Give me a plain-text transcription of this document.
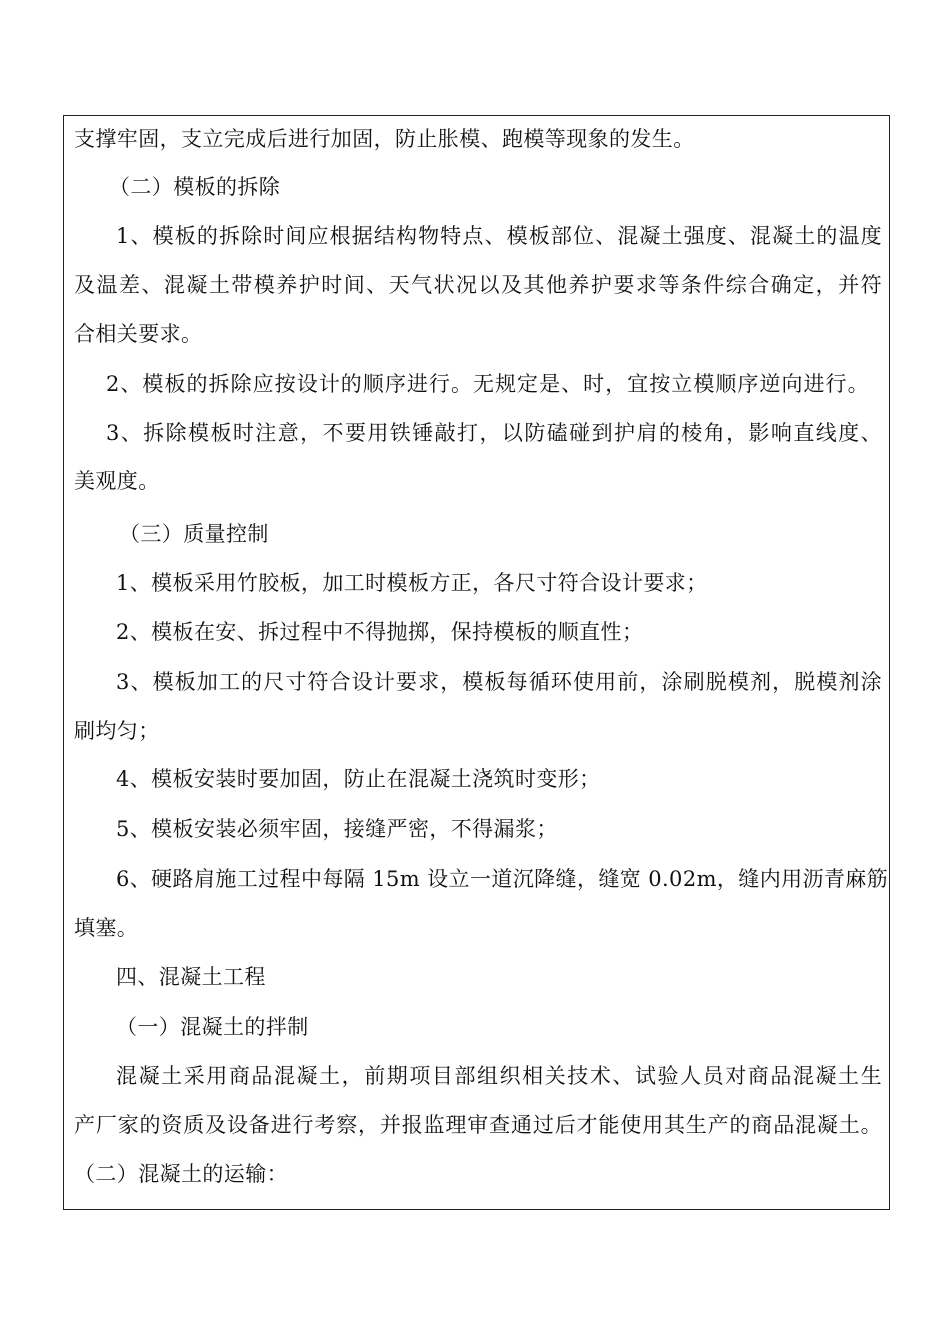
支撑牢固，支立完成后进行加固，防止胀模、跑模等现象的发生。
（二）模板的拆除
1、模板的拆除时间应根据结构物特点、模板部位、混凝土强度、混凝土的温度
及温差、混凝土带模养护时间、天气状况以及其他养护要求等条件综合确定，并符
合相关要求。
2、模板的拆除应按设计的顺序进行。无规定是、时，宜按立模顺序逆向进行。
3、拆除模板时注意，不要用铁锤敲打，以防磕碰到护肩的棱角，影响直线度、
美观度。
（三）质量控制
1、模板采用竹胶板，加工时模板方正，各尺寸符合设计要求；
2、模板在安、拆过程中不得抛掷，保持模板的顺直性；
3、模板加工的尺寸符合设计要求，模板每循环使用前，涂刷脱模剂，脱模剂涂
刷均匀；
4、模板安装时要加固，防止在混凝土浇筑时变形；
5、模板安装必须牢固，接缝严密，不得漏浆；
6、硬路肩施工过程中每隔 15m 设立一道沉降缝，缝宽 0.02m，缝内用沥青麻筋
填塞。
四、混凝土工程
（一）混凝土的拌制
混凝土采用商品混凝土，前期项目部组织相关技术、试验人员对商品混凝土生
产厂家的资质及设备进行考察，并报监理审查通过后才能使用其生产的商品混凝土。
（二）混凝土的运输：
